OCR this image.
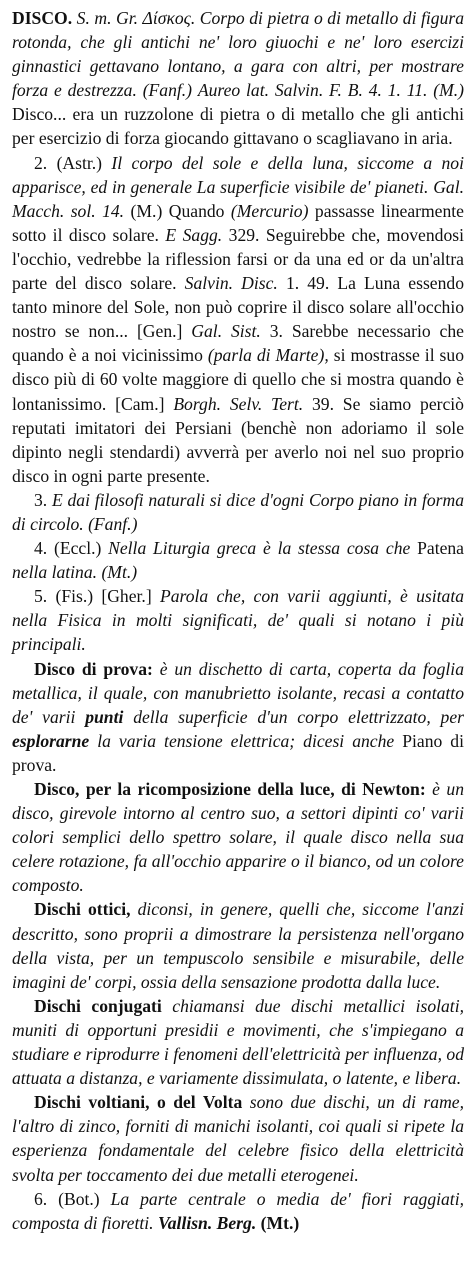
DISCO. S. m. Gr. Δίσκος. Corpo di pietra o di metallo di figura rotonda, che gli antichi ne' loro giuochi e ne' loro esercizi ginnastici gettavano lontano, a gara con altri, per mostrare forza e destrezza. (Fanf.) Aureo lat. Salvin. F. B. 4. 1. 11. (M.) Disco... era un ruzzolone di pietra o di metallo che gli antichi per esercizio di forza giocando gittavano o scagliavano in aria.

2. (Astr.) Il corpo del sole e della luna, siccome a noi apparisce, ed in generale La superficie visibile de' pianeti. Gal. Macch. sol. 14. (M.) Quando (Mercurio) passasse linearmente sotto il disco solare. E Sagg. 329. Seguirebbe che, movendosi l'occhio, vedrebbe la riflession farsi or da una ed or da un'altra parte del disco solare. Salvin. Disc. 1. 49. La Luna essendo tanto minore del Sole, non può coprire il disco solare all'occhio nostro se non... [Gen.] Gal. Sist. 3. Sarebbe necessario che quando è a noi vicinissimo (parla di Marte), si mostrasse il suo disco più di 60 volte maggiore di quello che si mostra quando è lontanissimo. [Cam.] Borgh. Selv. Tert. 39. Se siamo perciò reputati imitatori dei Persiani (benchè non adoriamo il sole dipinto negli stendardi) avverrà per averlo noi nel suo proprio disco in ogni parte presente.

3. E dai filosofi naturali si dice d'ogni Corpo piano in forma di circolo. (Fanf.)

4. (Eccl.) Nella Liturgia greca è la stessa cosa che Patena nella latina. (Mt.)

5. (Fis.) [Gher.] Parola che, con varii aggiunti, è usitata nella Fisica in molti significati, de' quali si notano i più principali.

Disco di prova: è un dischetto di carta, coperta da foglia metallica, il quale, con manubrietto isolante, recasi a contatto de' varii punti della superficie d'un corpo elettrizzato, per esplorarne la varia tensione elettrica; dicesi anche Piano di prova.

Disco, per la ricomposizione della luce, di Newton: è un disco, girevole intorno al centro suo, a settori dipinti co' varii colori semplici dello spettro solare, il quale disco nella sua celere rotazione, fa all'occhio apparire o il bianco, od un colore composto.

Dischi ottici, diconsi, in genere, quelli che, siccome l'anzi descritto, sono proprii a dimostrare la persistenza nell'organo della vista, per un tempuscolo sensibile e misurabile, delle imagini de' corpi, ossia della sensazione prodotta dalla luce.

Dischi conjugati chiamansi due dischi metallici isolati, muniti di opportuni presidii e movimenti, che s'impiegano a studiare e riprodurre i fenomeni dell'elettricità per influenza, od attuata a distanza, e variamente dissimulata, o latente, e libera.

Dischi voltiani, o del Volta sono due dischi, un di rame, l'altro di zinco, forniti di manichi isolanti, coi quali si ripete la esperienza fondamentale del celebre fisico della elettricità svolta per toccamento dei due metalli eterogenei.

6. (Bot.) La parte centrale o media de' fiori raggiati, composta di fioretti. Vallisn. Berg. (Mt.)
